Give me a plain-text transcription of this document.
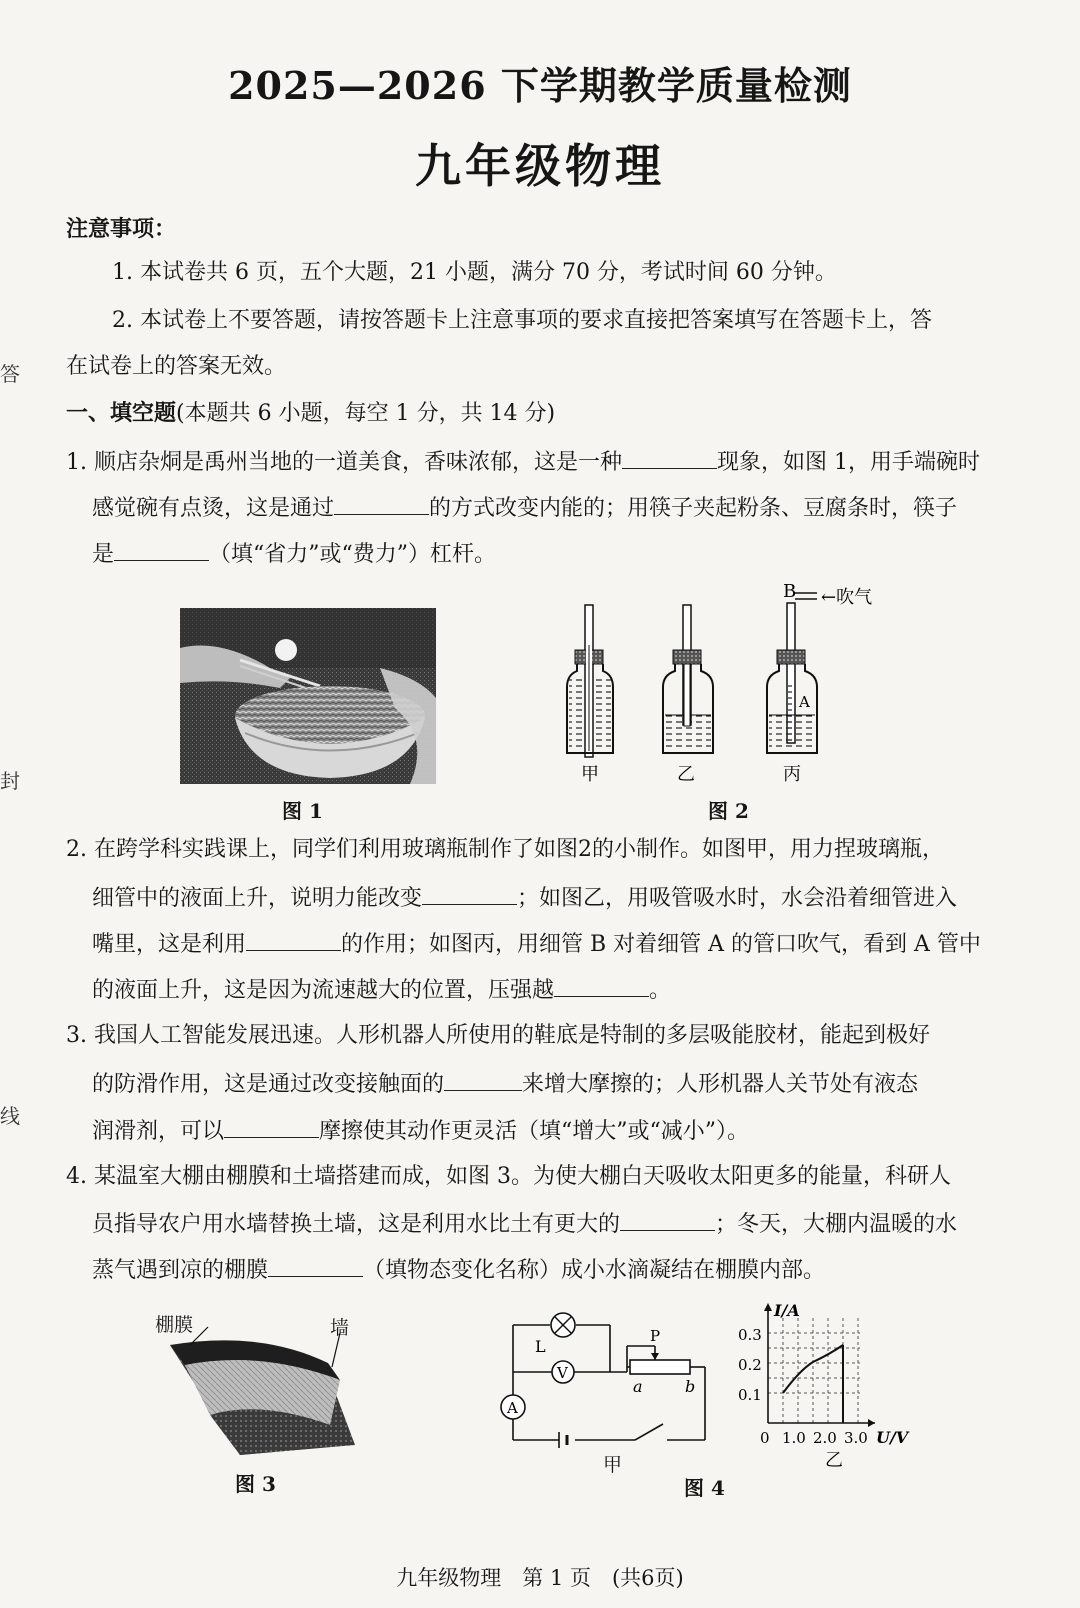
2025—2026 下学期教学质量检测
九年级物理
答
封
线
注意事项：
1. 本试卷共 6 页，五个大题，21 小题，满分 70 分，考试时间 60 分钟。
2. 本试卷上不要答题，请按答题卡上注意事项的要求直接把答案填写在答题卡上，答
在试卷上的答案无效。
一、填空题(本题共 6 小题，每空 1 分，共 14 分)
1. 顺店杂烔是禹州当地的一道美食，香味浓郁，这是一种	现象，如图 1，用手端碗时
感觉碗有点烫，这是通过	的方式改变内能的；用筷子夹起粉条、豆腐条时，筷子
是	（填“省力”或“费力”）杠杆。
图 1
B ←吹气
A
甲	乙	丙
图 2
2. 在跨学科实践课上，同学们利用玻璃瓶制作了如图2的小制作。如图甲，用力捏玻璃瓶，
细管中的液面上升，说明力能改变	；如图乙，用吸管吸水时，水会沿着细管进入
嘴里，这是利用	的作用；如图丙，用细管 B 对着细管 A 的管口吹气，看到 A 管中
的液面上升，这是因为流速越大的位置，压强越	。
3. 我国人工智能发展迅速。人形机器人所使用的鞋底是特制的多层吸能胶材，能起到极好
的防滑作用，这是通过改变接触面的	来增大摩擦的；人形机器人关节处有液态
润滑剂，可以	摩擦使其动作更灵活（填“增大”或“减小”）。
4. 某温室大棚由棚膜和土墙搭建而成，如图 3。为使大棚白天吸收太阳更多的能量，科研人
员指导农户用水墙替换土墙，这是利用水比土有更大的	；冬天，大棚内温暖的水
蒸气遇到凉的棚膜	（填物态变化名称）成小水滴凝结在棚膜内部。
棚膜	墙
图 3
V
A
L
P
a	b
甲
图 4
I/A
0.3
0.2
0.1
0 1.0 2.0 3.0 U/V
乙
九年级物理　第 1 页　(共6页)
